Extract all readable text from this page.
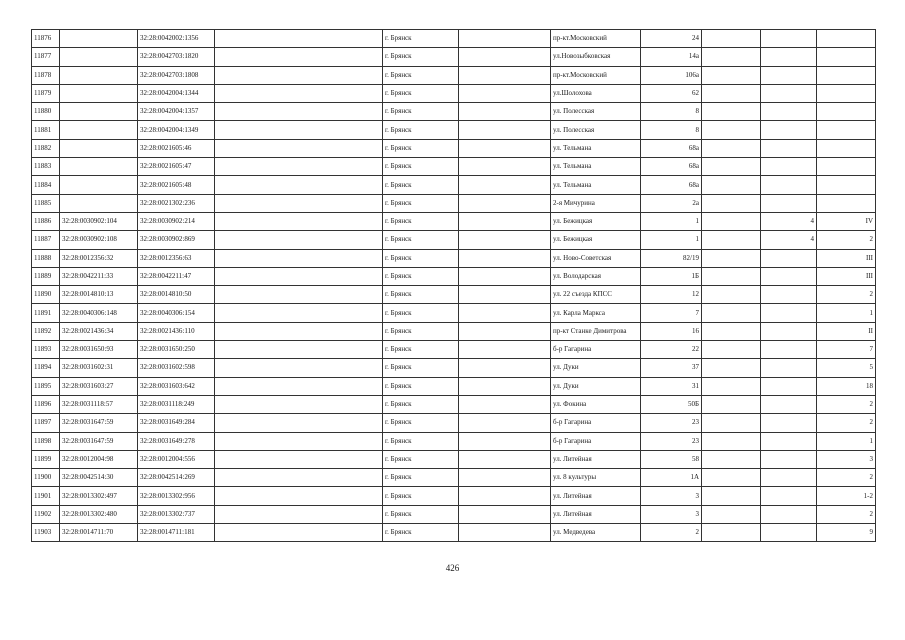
11876		32:28:0042002:1356		г. Брянск		пр-кт.Московский	24			
11877		32:28:0042703:1820		г. Брянск		ул.Новозыбковская	14а			
11878		32:28:0042703:1808		г. Брянск		пр-кт.Московский	106а			
11879		32:28:0042004:1344		г. Брянск		ул.Шолохова	62			
11880		32:28:0042004:1357		г. Брянск		ул. Полесская	8			
11881		32:28:0042004:1349		г. Брянск		ул. Полесская	8			
11882		32:28:0021605:46		г. Брянск		ул. Тельмана	68а			
11883		32:28:0021605:47		г. Брянск		ул. Тельмана	68а			
11884		32:28:0021605:48		г. Брянск		ул. Тельмана	68а			
11885		32:28:0021302:236		г. Брянск		2-я Мичурина	2а			
11886	32:28:0030902:104	32:28:0030902:214		г. Брянск		ул. Бежицкая	1		4	IV
11887	32:28:0030902:108	32:28:0030902:869		г. Брянск		ул. Бежицкая	1		4	2
11888	32:28:0012356:32	32:28:0012356:63		г. Брянск		ул. Ново-Советская	82/19			III
11889	32:28:0042211:33	32:28:0042211:47		г. Брянск		ул. Володарская	1Б			III
11890	32:28:0014810:13	32:28:0014810:50		г. Брянск		ул. 22 съезда КПСС	12			2
11891	32:28:0040306:148	32:28:0040306:154		г. Брянск		ул. Карла Маркса	7			1
11892	32:28:0021436:34	32:28:0021436:110		г. Брянск		пр-кт Станке Димитрова	16			II
11893	32:28:0031650:93	32:28:0031650:250		г. Брянск		б-р Гагарина	22			7
11894	32:28:0031602:31	32:28:0031602:598		г. Брянск		ул. Дуки	37			5
11895	32:28:0031603:27	32:28:0031603:642		г. Брянск		ул. Дуки	31			18
11896	32:28:0031118:57	32:28:0031118:249		г. Брянск		ул. Фокина	50Б			2
11897	32:28:0031647:59	32:28:0031649:284		г. Брянск		б-р Гагарина	23			2
11898	32:28:0031647:59	32:28:0031649:278		г. Брянск		б-р Гагарина	23			1
11899	32:28:0012004:98	32:28:0012004:556		г. Брянск		ул. Литейная	58			3
11900	32:28:0042514:30	32:28:0042514:269		г. Брянск		ул. 8 культуры	1А			2
11901	32:28:0013302:497	32:28:0013302:956		г. Брянск		ул. Литейная	3			1-2
11902	32:28:0013302:480	32:28:0013302:737		г. Брянск		ул. Литейная	3			2
11903	32:28:0014711:70	32:28:0014711:181		г. Брянск		ул. Медведева	2			9
426
